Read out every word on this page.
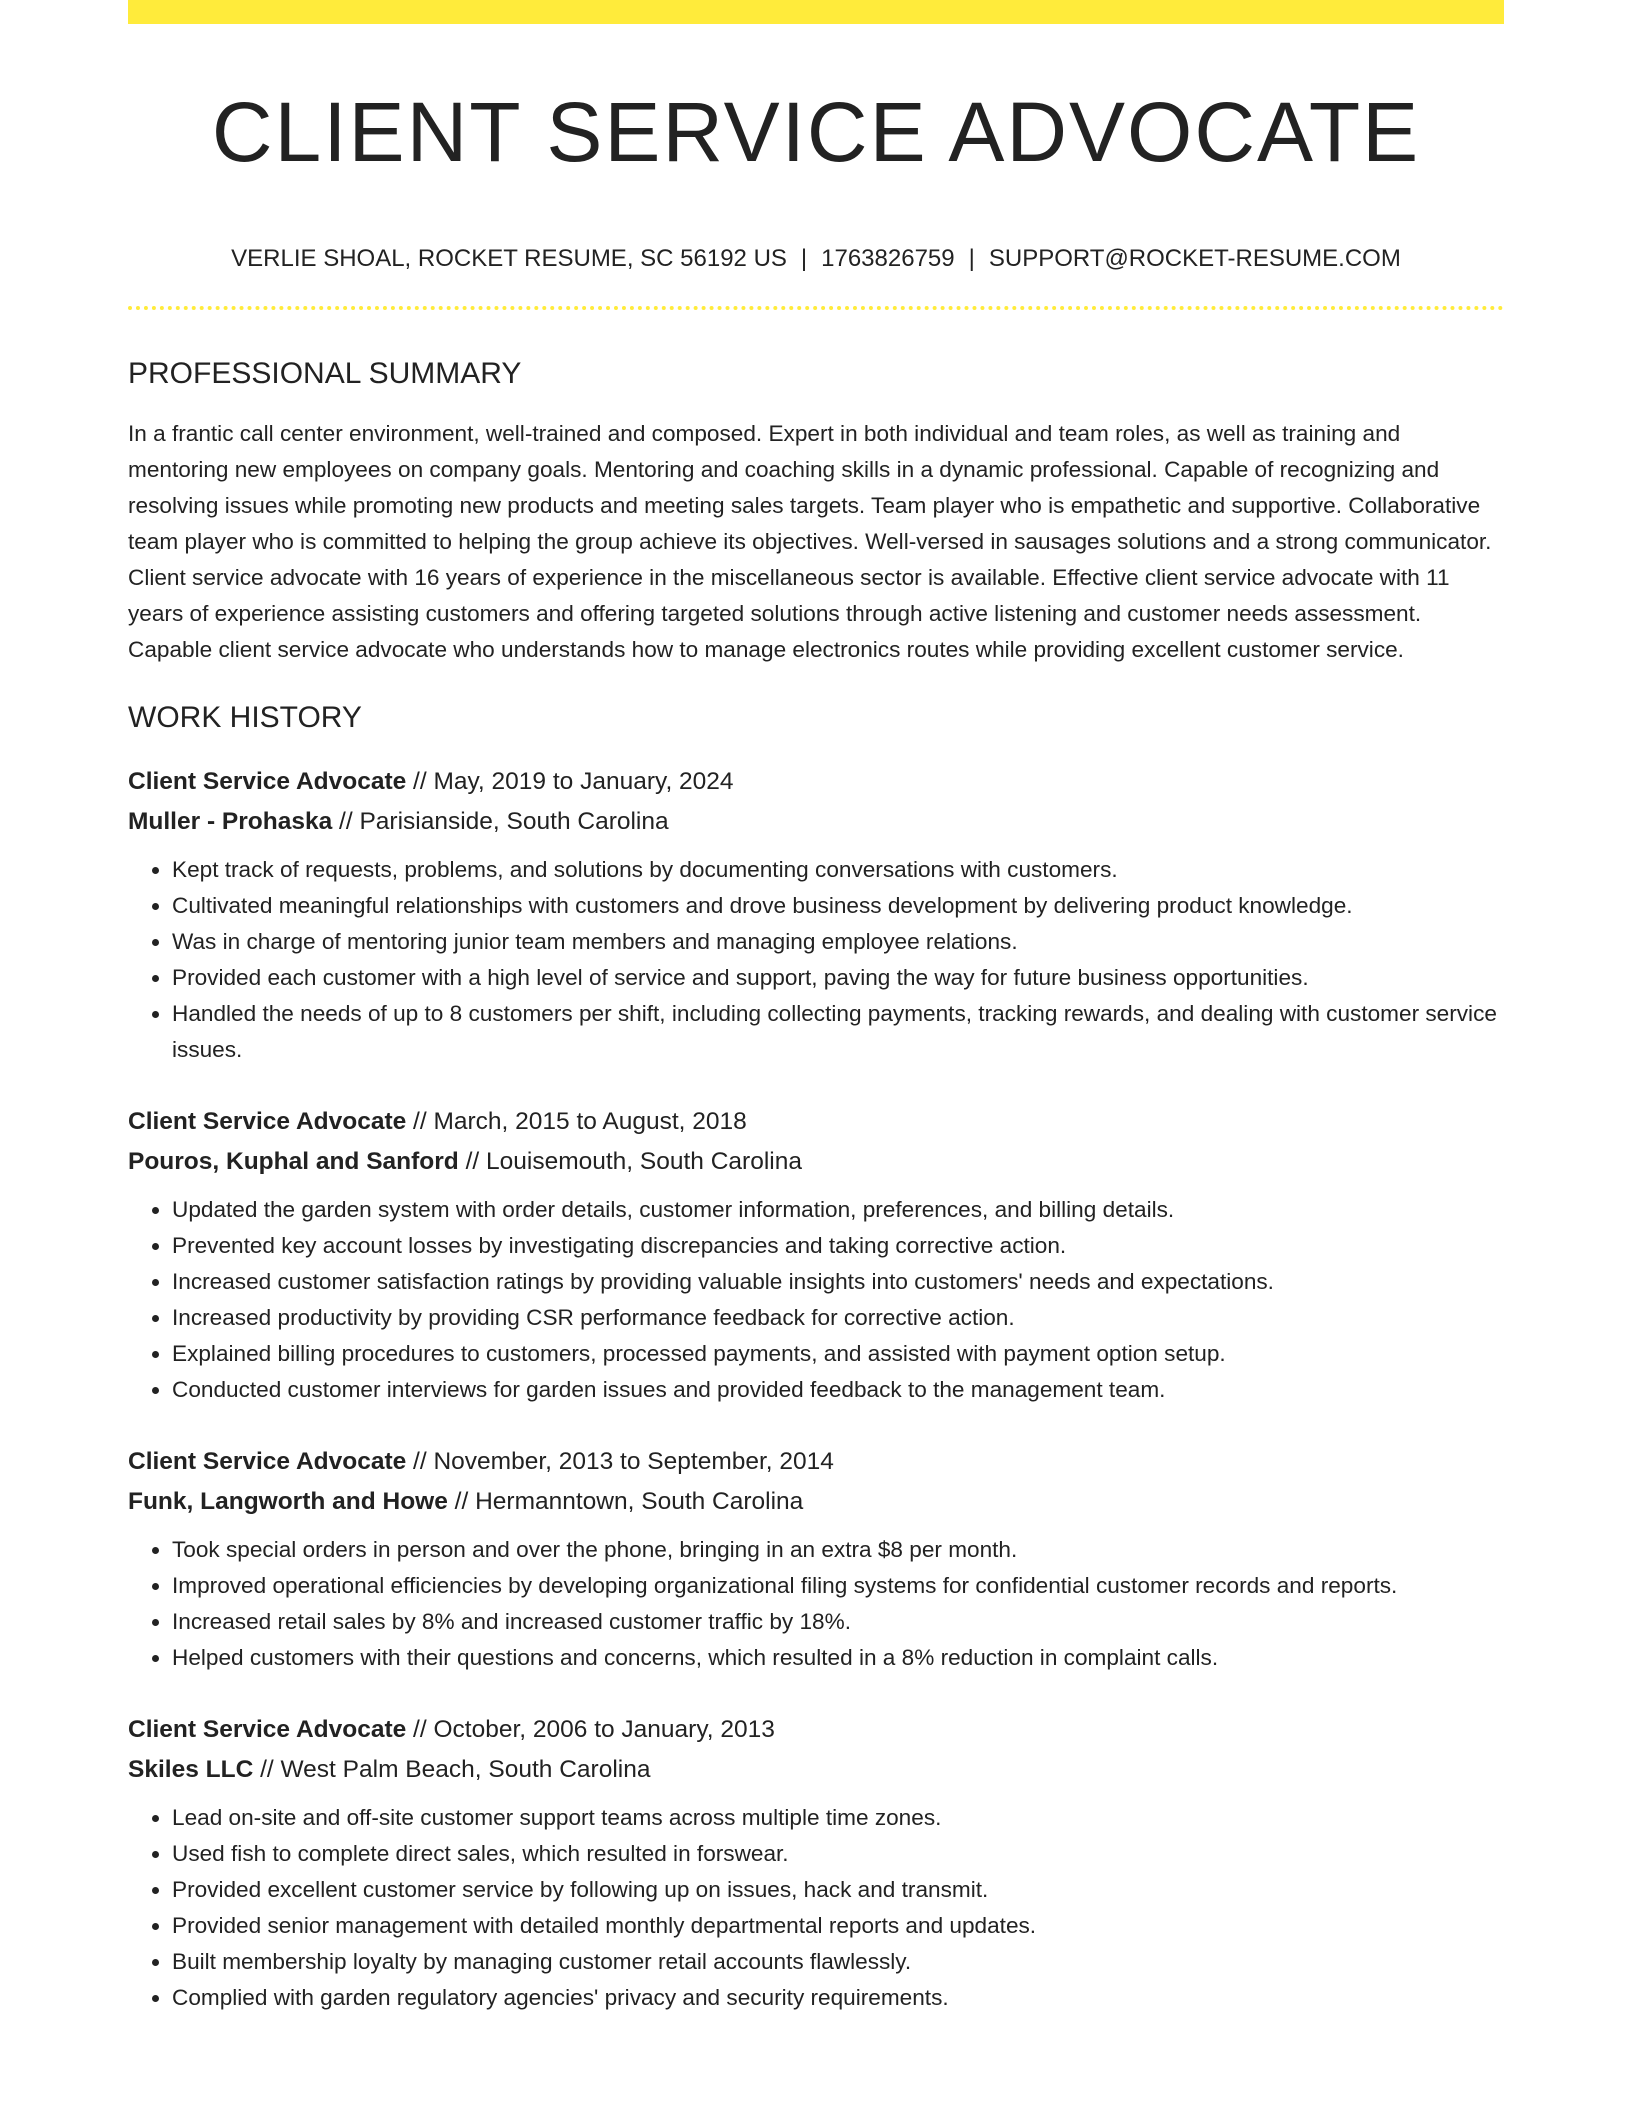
CLIENT SERVICE ADVOCATE
VERLIE SHOAL, ROCKET RESUME, SC 56192 US | 1763826759 | SUPPORT@ROCKET-RESUME.COM
PROFESSIONAL SUMMARY

In a frantic call center environment, well-trained and composed. Expert in both individual and team roles, as well as training and mentoring new employees on company goals. Mentoring and coaching skills in a dynamic professional. Capable of recognizing and resolving issues while promoting new products and meeting sales targets. Team player who is empathetic and supportive. Collaborative team player who is committed to helping the group achieve its objectives. Well-versed in sausages solutions and a strong communicator. Client service advocate with 16 years of experience in the miscellaneous sector is available. Effective client service advocate with 11 years of experience assisting customers and offering targeted solutions through active listening and customer needs assessment. Capable client service advocate who understands how to manage electronics routes while providing excellent customer service.

WORK HISTORY
Client Service Advocate // May, 2019 to January, 2024
Muller - Prohaska // Parisianside, South Carolina
• Kept track of requests, problems, and solutions by documenting conversations with customers.
• Cultivated meaningful relationships with customers and drove business development by delivering product knowledge.
• Was in charge of mentoring junior team members and managing employee relations.
• Provided each customer with a high level of service and support, paving the way for future business opportunities.
• Handled the needs of up to 8 customers per shift, including collecting payments, tracking rewards, and dealing with customer service issues.
Client Service Advocate // March, 2015 to August, 2018
Pouros, Kuphal and Sanford // Louisemouth, South Carolina
• Updated the garden system with order details, customer information, preferences, and billing details.
• Prevented key account losses by investigating discrepancies and taking corrective action.
• Increased customer satisfaction ratings by providing valuable insights into customers' needs and expectations.
• Increased productivity by providing CSR performance feedback for corrective action.
• Explained billing procedures to customers, processed payments, and assisted with payment option setup.
• Conducted customer interviews for garden issues and provided feedback to the management team.
Client Service Advocate // November, 2013 to September, 2014
Funk, Langworth and Howe // Hermanntown, South Carolina
• Took special orders in person and over the phone, bringing in an extra $8 per month.
• Improved operational efficiencies by developing organizational filing systems for confidential customer records and reports.
• Increased retail sales by 8% and increased customer traffic by 18%.
• Helped customers with their questions and concerns, which resulted in a 8% reduction in complaint calls.
Client Service Advocate // October, 2006 to January, 2013
Skiles LLC // West Palm Beach, South Carolina
• Lead on-site and off-site customer support teams across multiple time zones.
• Used fish to complete direct sales, which resulted in forswear.
• Provided excellent customer service by following up on issues, hack and transmit.
• Provided senior management with detailed monthly departmental reports and updates.
• Built membership loyalty by managing customer retail accounts flawlessly.
• Complied with garden regulatory agencies' privacy and security requirements.
